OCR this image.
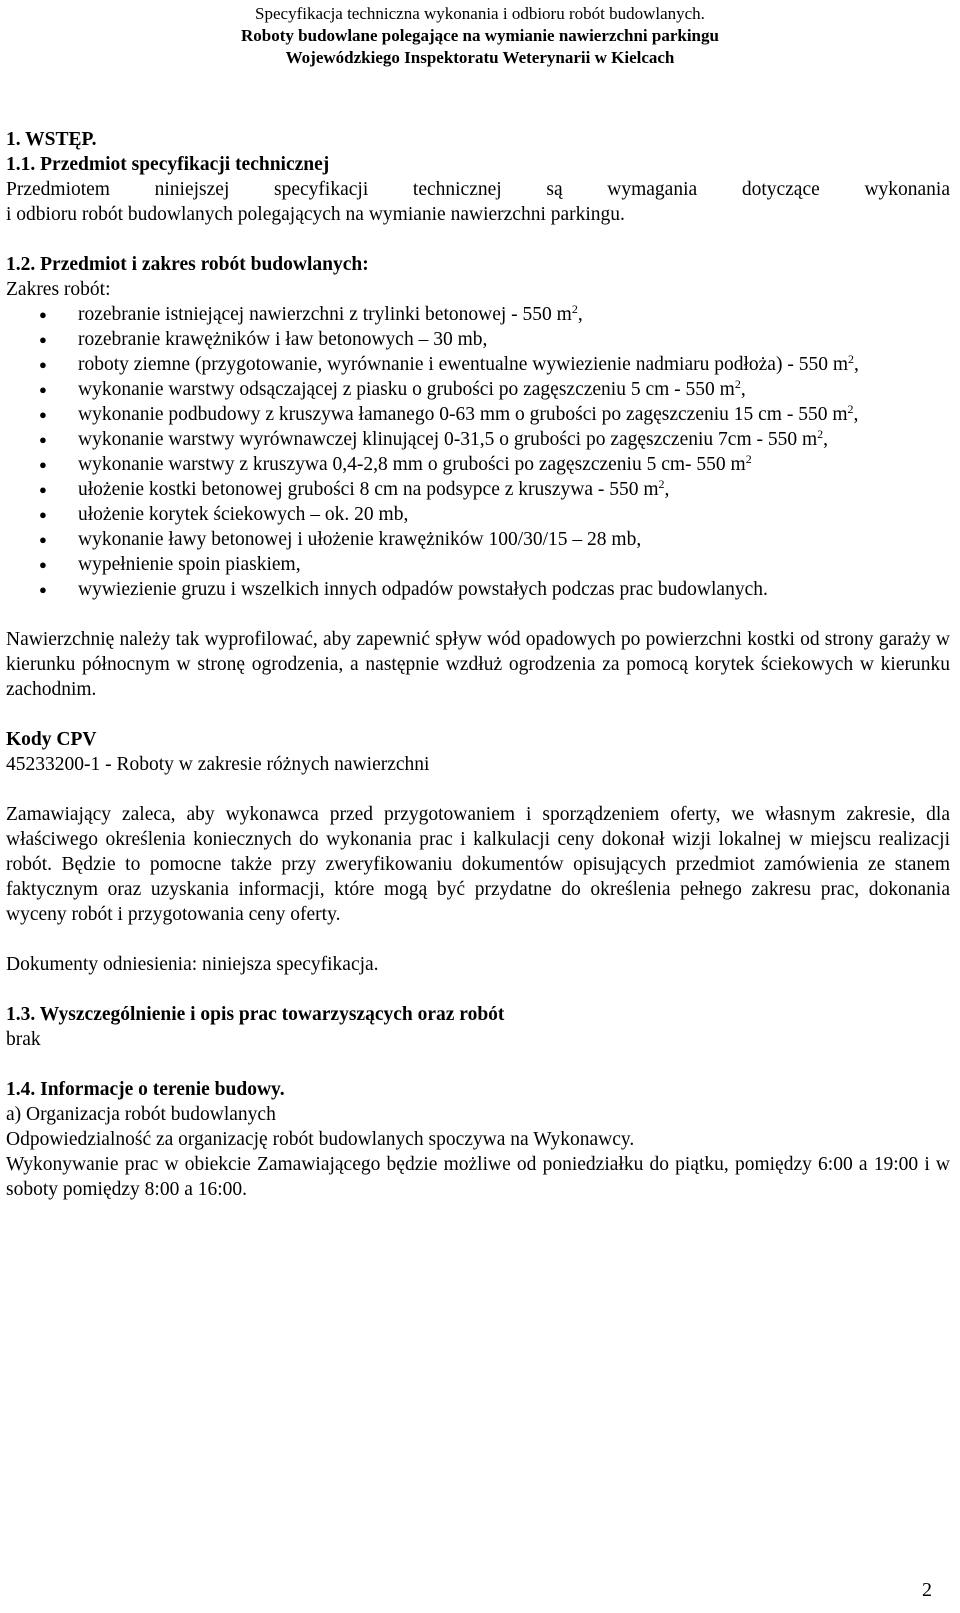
Specyfikacja techniczna wykonania i odbioru robót budowlanych.
Roboty budowlane polegające na wymianie nawierzchni parkingu
Wojewódzkiego Inspektoratu Weterynarii w Kielcach

1. WSTĘP.

1.1. Przedmiot specyfikacji technicznej

Przedmiotem niniejszej specyfikacji technicznej są wymagania dotyczące wykonania

i odbioru robót budowlanych polegających na wymianie nawierzchni parkingu.

1.2. Przedmiot i zakres robót budowlanych:

Zakres robót:

● rozebranie istniejącej nawierzchni z trylinki betonowej - 550 $m^2$,
● rozebranie krawężników i ław betonowych – 30 mb,
● roboty ziemne (przygotowanie, wyrównanie i ewentualne wywiezienie nadmiaru podłoża) - 550 $m^2$,
● wykonanie warstwy odsączającej z piasku o grubości po zagęszczeniu 5 cm - 550 $m^2$,
● wykonanie podbudowy z kruszywa łamanego 0-63 mm o grubości po zagęszczeniu 15 cm - 550 $m^2$,
● wykonanie warstwy wyrównawczej klinującej 0-31,5 o grubości po zagęszczeniu 7cm - 550 $m^2$,
● wykonanie warstwy z kruszywa 0,4-2,8 mm o grubości po zagęszczeniu 5 cm- 550 $m^2$
● ułożenie kostki betonowej grubości 8 cm na podsypce z kruszywa - 550 $m^2$,
● ułożenie korytek ściekowych – ok. 20 mb,
● wykonanie ławy betonowej i ułożenie krawężników 100/30/15 – 28 mb,
● wypełnienie spoin piaskiem,
● wywiezienie gruzu i wszelkich innych odpadów powstałych podczas prac budowlanych.

Nawierzchnię należy tak wyprofilować, aby zapewnić spływ wód opadowych po powierzchni kostki od strony garaży w kierunku północnym w stronę ogrodzenia, a następnie wzdłuż ogrodzenia za pomocą korytek ściekowych w kierunku zachodnim.

Kody CPV

45233200-1 - Roboty w zakresie różnych nawierzchni

Zamawiający zaleca, aby wykonawca przed przygotowaniem i sporządzeniem oferty, we własnym zakresie, dla właściwego określenia koniecznych do wykonania prac i kalkulacji ceny dokonał wizji lokalnej w miejscu realizacji robót. Będzie to pomocne także przy zweryfikowaniu dokumentów opisujących przedmiot zamówienia ze stanem faktycznym oraz uzyskania informacji, które mogą być przydatne do określenia pełnego zakresu prac, dokonania wyceny robót i przygotowania ceny oferty.

Dokumenty odniesienia: niniejsza specyfikacja.

1.3. Wyszczególnienie i opis prac towarzyszących oraz robót

brak

1.4. Informacje o terenie budowy.

a) Organizacja robót budowlanych

Odpowiedzialność za organizację robót budowlanych spoczywa na Wykonawcy.

Wykonywanie prac w obiekcie Zamawiającego będzie możliwe od poniedziałku do piątku, pomiędzy 6:00 a 19:00 i w soboty pomiędzy 8:00 a 16:00.

2
